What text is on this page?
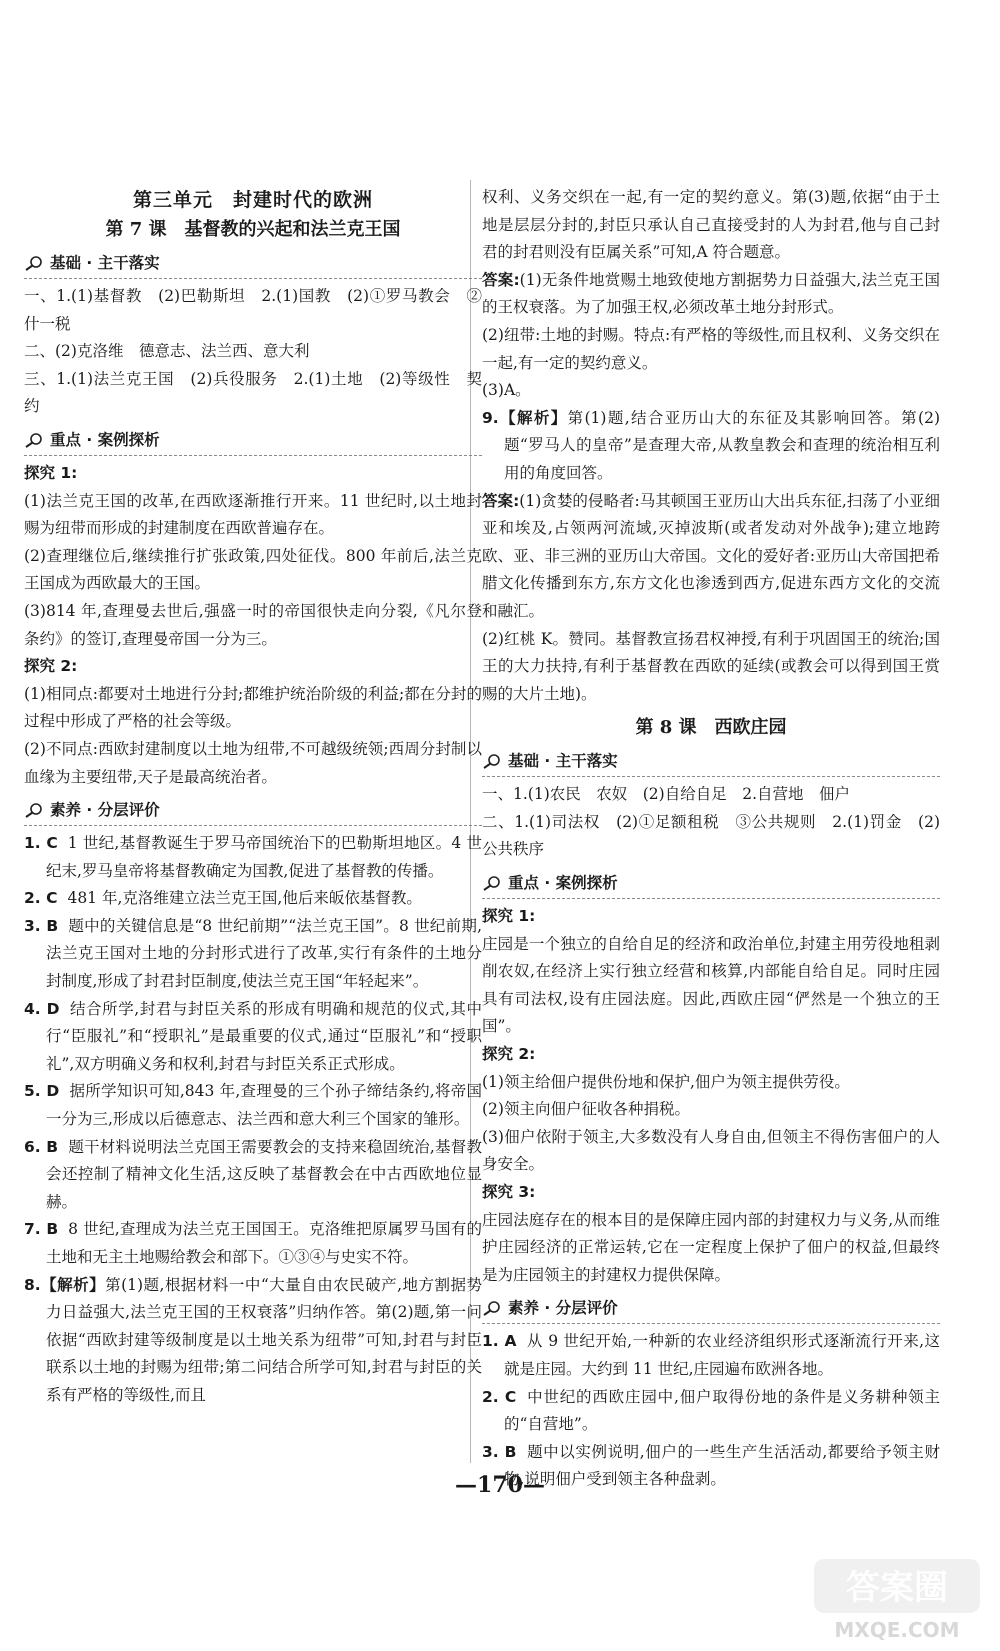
第三单元　封建时代的欧洲
第 7 课　基督教的兴起和法兰克王国
基础 · 主干落实

一、1.(1)基督教　(2)巴勒斯坦　2.(1)国教　(2)①罗马教会　②什一税

二、(2)克洛维　德意志、法兰西、意大利

三、1.(1)法兰克王国　(2)兵役服务　2.(1)土地　(2)等级性　契约

重点 · 案例探析

探究 1:

(1)法兰克王国的改革,在西欧逐渐推行开来。11 世纪时,以土地封赐为纽带而形成的封建制度在西欧普遍存在。

(2)查理继位后,继续推行扩张政策,四处征伐。800 年前后,法兰克王国成为西欧最大的王国。

(3)814 年,查理曼去世后,强盛一时的帝国很快走向分裂,《凡尔登条约》的签订,查理曼帝国一分为三。

探究 2:

(1)相同点:都要对土地进行分封;都维护统治阶级的利益;都在分封的过程中形成了严格的社会等级。

(2)不同点:西欧封建制度以土地为纽带,不可越级统领;西周分封制以血缘为主要纽带,天子是最高统治者。

素养 · 分层评价

1. C 1 世纪,基督教诞生于罗马帝国统治下的巴勒斯坦地区。4 世纪末,罗马皇帝将基督教确定为国教,促进了基督教的传播。

2. C 481 年,克洛维建立法兰克王国,他后来皈依基督教。

3. B 题中的关键信息是“8 世纪前期”“法兰克王国”。8 世纪前期,法兰克王国对土地的分封形式进行了改革,实行有条件的土地分封制度,形成了封君封臣制度,使法兰克王国“年轻起来”。

4. D 结合所学,封君与封臣关系的形成有明确和规范的仪式,其中行“臣服礼”和“授职礼”是最重要的仪式,通过“臣服礼”和“授职礼”,双方明确义务和权利,封君与封臣关系正式形成。

5. D 据所学知识可知,843 年,查理曼的三个孙子缔结条约,将帝国一分为三,形成以后德意志、法兰西和意大利三个国家的雏形。

6. B 题干材料说明法兰克国王需要教会的支持来稳固统治,基督教会还控制了精神文化生活,这反映了基督教会在中古西欧地位显赫。

7. B 8 世纪,查理成为法兰克王国国王。克洛维把原属罗马国有的土地和无主土地赐给教会和部下。①③④与史实不符。

8.【解析】第(1)题,根据材料一中“大量自由农民破产,地方割据势力日益强大,法兰克王国的王权衰落”归纳作答。第(2)题,第一问依据“西欧封建等级制度是以土地关系为纽带”可知,封君与封臣联系以土地的封赐为纽带;第二问结合所学可知,封君与封臣的关系有严格的等级性,而且

权利、义务交织在一起,有一定的契约意义。第(3)题,依据“由于土地是层层分封的,封臣只承认自己直接受封的人为封君,他与自己封君的封君则没有臣属关系”可知,A 符合题意。

答案:(1)无条件地赏赐土地致使地方割据势力日益强大,法兰克王国的王权衰落。为了加强王权,必须改革土地分封形式。

(2)纽带:土地的封赐。特点:有严格的等级性,而且权利、义务交织在一起,有一定的契约意义。

(3)A。

9.【解析】第(1)题,结合亚历山大的东征及其影响回答。第(2)题“罗马人的皇帝”是查理大帝,从教皇教会和查理的统治相互利用的角度回答。

答案:(1)贪婪的侵略者:马其顿国王亚历山大出兵东征,扫荡了小亚细亚和埃及,占领两河流域,灭掉波斯(或者发动对外战争);建立地跨欧、亚、非三洲的亚历山大帝国。文化的爱好者:亚历山大帝国把希腊文化传播到东方,东方文化也渗透到西方,促进东西方文化的交流和融汇。

(2)红桃 K。赞同。基督教宣扬君权神授,有利于巩固国王的统治;国王的大力扶持,有利于基督教在西欧的延续(或教会可以得到国王赏赐的大片土地)。

第 8 课　西欧庄园
基础 · 主干落实

一、1.(1)农民　农奴　(2)自给自足　2.自营地　佃户

二、1.(1)司法权　(2)①足额租税　③公共规则　2.(1)罚金　(2)公共秩序

重点 · 案例探析

探究 1:

庄园是一个独立的自给自足的经济和政治单位,封建主用劳役地租剥削农奴,在经济上实行独立经营和核算,内部能自给自足。同时庄园具有司法权,设有庄园法庭。因此,西欧庄园“俨然是一个独立的王国”。

探究 2:

(1)领主给佃户提供份地和保护,佃户为领主提供劳役。

(2)领主向佃户征收各种捐税。

(3)佃户依附于领主,大多数没有人身自由,但领主不得伤害佃户的人身安全。

探究 3:

庄园法庭存在的根本目的是保障庄园内部的封建权力与义务,从而维护庄园经济的正常运转,它在一定程度上保护了佃户的权益,但最终是为庄园领主的封建权力提供保障。

素养 · 分层评价

1. A 从 9 世纪开始,一种新的农业经济组织形式逐渐流行开来,这就是庄园。大约到 11 世纪,庄园遍布欧洲各地。

2. C 中世纪的西欧庄园中,佃户取得份地的条件是义务耕种领主的“自营地”。

3. B 题中以实例说明,佃户的一些生产生活活动,都要给予领主财物,说明佃户受到领主各种盘剥。

—170—
答案圈
MXQE.COM
